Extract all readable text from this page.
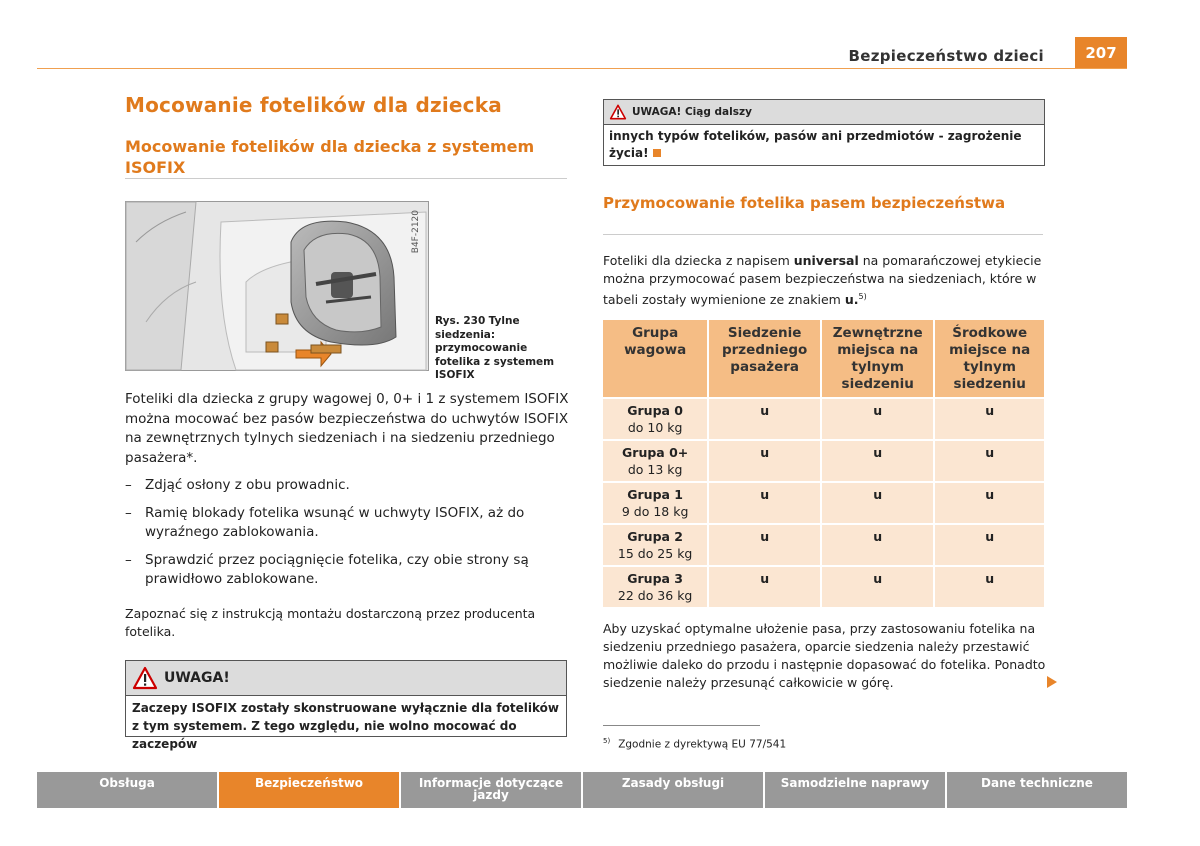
Bezpieczeństwo dzieci	207
Mocowanie fotelików dla dziecka
Mocowanie fotelików dla dziecka z systemem ISOFIX
B4F-2120
Rys. 230 Tylne siedzenia: przymocowanie fotelika z systemem ISOFIX
Foteliki dla dziecka z grupy wagowej 0, 0+ i 1 z systemem ISOFIX można mocować bez pasów bezpieczeństwa do uchwytów ISOFIX na zewnętrznych tylnych siedzeniach i na siedzeniu przedniego pasażera*.
– Zdjąć osłony z obu prowadnic.
– Ramię blokady fotelika wsunąć w uchwyty ISOFIX, aż do wyraźnego zablokowania.
– Sprawdzić przez pociągnięcie fotelika, czy obie strony są prawidłowo zablokowane.
Zapoznać się z instrukcją montażu dostarczoną przez producenta fotelika.
UWAGA!
Zaczepy ISOFIX zostały skonstruowane wyłącznie dla fotelików z tym systemem. Z tego względu, nie wolno mocować do zaczepów
UWAGA! Ciąg dalszy
innych typów fotelików, pasów ani przedmiotów - zagrożenie życia!
Przymocowanie fotelika pasem bezpieczeństwa
Foteliki dla dziecka z napisem universal na pomarańczowej etykiecie można przymocować pasem bezpieczeństwa na siedzeniach, które w tabeli zostały wymienione ze znakiem u.$^{5)}$
Grupa wagowa	Siedzenie przedniego pasażera	Zewnętrzne miejsca na tylnym siedzeniu	Środkowe miejsce na tylnym siedzeniu

Grupa 0
do 10 kg	u	u	u

Grupa 0+
do 13 kg	u	u	u

Grupa 1
9 do 18 kg	u	u	u

Grupa 2
15 do 25 kg	u	u	u

Grupa 3
22 do 36 kg	u	u	u
Aby uzyskać optymalne ułożenie pasa, przy zastosowaniu fotelika na siedzeniu przedniego pasażera, oparcie siedzenia należy przestawić możliwie daleko do przodu i następnie dopasować do fotelika. Ponadto siedzenie należy przesunąć całkowicie w górę.
$^{5)}$ Zgodnie z dyrektywą EU 77/541
Obsługa	Bezpieczeństwo	Informacje dotyczące jazdy
Zasady obsługi	Samodzielne naprawy	Dane techniczne
